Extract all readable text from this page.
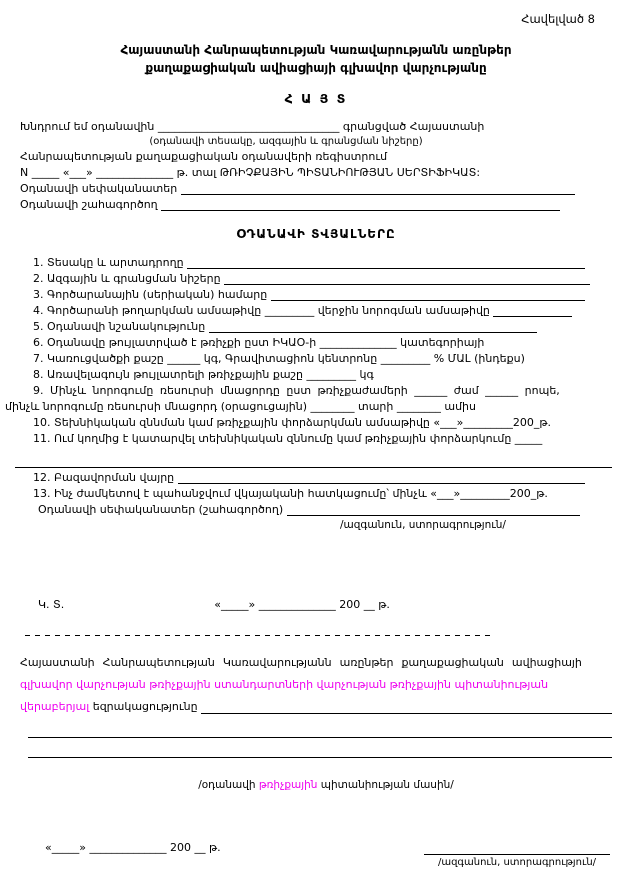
Հավելված 8
Հայաստանի Հանրապետության Կառավարությանն առընթեր
քաղաքացիական ավիացիայի գլխավոր վարչությանը
Հ Ա Յ Տ
Խնդրում եմ օդանավին _________________________________ գրանցված Հայաստանի
(օդանավի տեսակը, ազգային և գրանցման նիշերը)
Հանրապետության քաղաքացիական օդանավերի ռեգիստրում
N _____ «___» ______________ թ. տալ ԹՌԻՉՔԱՅԻՆ ՊԻՏԱՆԻՈՒԹՅԱՆ ՍԵՐՏԻՖԻԿԱՏ:
Օդանավի սեփականատեր
Օդանավի շահագործող
ՕԴԱՆԱՎԻ ՏՎՅԱԼՆԵՐԸ
1. Տեսակը և արտադրողը
2. Ազգային և գրանցման նիշերը
3. Գործարանային (սերիական) համարը
4. Գործարանի թողարկման ամսաթիվը _________ վերջին նորոգման ամսաթիվը
5. Օդանավի նշանակությունը
6. Օդանավը թույլատրված է թռիչքի ըստ ԻԿԱՕ-ի ______________ կատեգորիայի
7. Կառուցվածքի քաշը ______ կգ, Գրավիտացիոն կենտրոնը _________ % ՄԱԼ (ինդեքս)
8. Առավելագույն թույլատրելի թռիչքային քաշը _________ կգ
9. Մինչև նորոգումը ռեսուրսի մնացորդը ըստ թռիչքաժամերի ______ ժամ ______ րոպե,
մինչև նորոգումը ռեսուրսի մնացորդ (օրացուցային) ________ տարի ________ ամիս
10. Տեխնիկական զննման կամ թռիչքային փորձարկման ամսաթիվը «___»_________200_թ.
11. Ում կողմից է կատարվել տեխնիկական զննումը կամ թռիչքային փորձարկումը _____
12. Բազավորման վայրը
13. Ինչ ժամկետով է պահանջվում վկայականի հատկացումը՝ մինչև «___»_________200_թ.
Օդանավի սեփականատեր (շահագործող)
/ազգանուն, ստորագրություն/
Կ. Տ.	«_____» ______________ 200 __ թ.
Հայաստանի Հանրապետության Կառավարությանն առընթեր քաղաքացիական ավիացիայի
գլխավոր վարչության թռիչքային ստանդարտների վարչության թռիչքային պիտանիության
վերաբերյալ եզրակացությունը

/օդանավի թռիչքային պիտանիության մասին/

«_____» ______________ 200 __ թ.
/ազգանուն, ստորագրություն/
